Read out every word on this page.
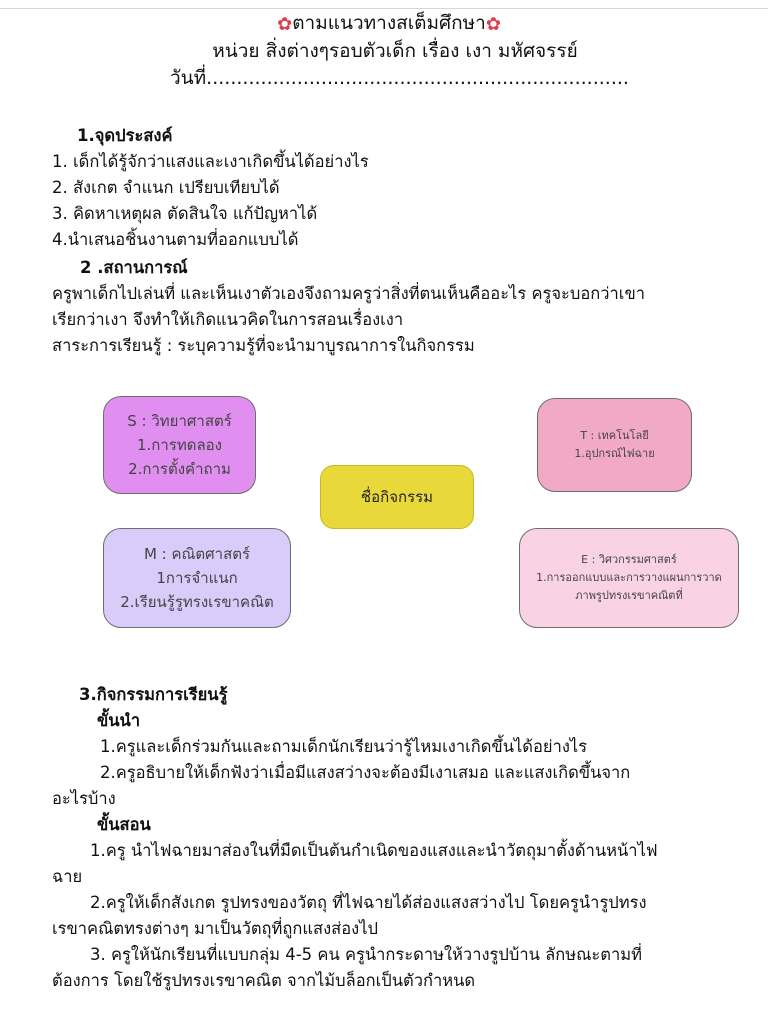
✿ตามแนวทางสเต็มศึกษา✿
หน่วย สิ่งต่างๆรอบตัวเด็ก เรื่อง เงา มหัศจรรย์
วันที่......................................................................
1.จุดประสงค์
1. เด็กได้รู้จักว่าแสงและเงาเกิดขึ้นได้อย่างไร
2. สังเกต จำแนก เปรียบเทียบได้
3. คิดหาเหตุผล ตัดสินใจ แก้ปัญหาได้
4.นำเสนอชิ้นงานตามที่ออกแบบได้
2 .สถานการณ์
ครูพาเด็กไปเล่นที่ และเห็นเงาตัวเองจึงถามครูว่าสิ่งที่ตนเห็นคืออะไร ครูจะบอกว่าเขา
เรียกว่าเงา จึงทำให้เกิดแนวคิดในการสอนเรื่องเงา
สาระการเรียนรู้ : ระบุความรู้ที่จะนำมาบูรณาการในกิจกรรม
S : วิทยาศาสตร์
1.การทดลอง
2.การตั้งคำถาม
T : เทคโนโลยี
1.อุปกรณ์ไฟฉาย
ชื่อกิจกรรม
M : คณิตศาสตร์
1การจำแนก
2.เรียนรู้รูทรงเรขาคณิต
E : วิศวกรรมศาสตร์
1.การออกแบบและการวางแผนการวาด
ภาพรูปทรงเรขาคณิตที่
3.กิจกรรมการเรียนรู้
ขั้นนำ
1.ครูและเด็กร่วมกันและถามเด็กนักเรียนว่ารู้ไหมเงาเกิดขึ้นได้อย่างไร
2.ครูอธิบายให้เด็กฟังว่าเมื่อมีแสงสว่างจะต้องมีเงาเสมอ และแสงเกิดขึ้นจาก
อะไรบ้าง
ขั้นสอน
1.ครู นำไฟฉายมาส่องในที่มืดเป็นต้นกำเนิดของแสงและนำวัตถุมาตั้งด้านหน้าไฟ
ฉาย
2.ครูให้เด็กสังเกต รูปทรงของวัตถุ ที่ไฟฉายได้ส่องแสงสว่างไป โดยครูนำรูปทรง
เรขาคณิตทรงต่างๆ มาเป็นวัตถุที่ถูกแสงส่องไป
3. ครูให้นักเรียนที่แบบกลุ่ม 4-5 คน ครูนำกระดาษให้วางรูปบ้าน ลักษณะตามที่
ต้องการ โดยใช้รูปทรงเรขาคณิต จากไม้บล็อกเป็นตัวกำหนด
